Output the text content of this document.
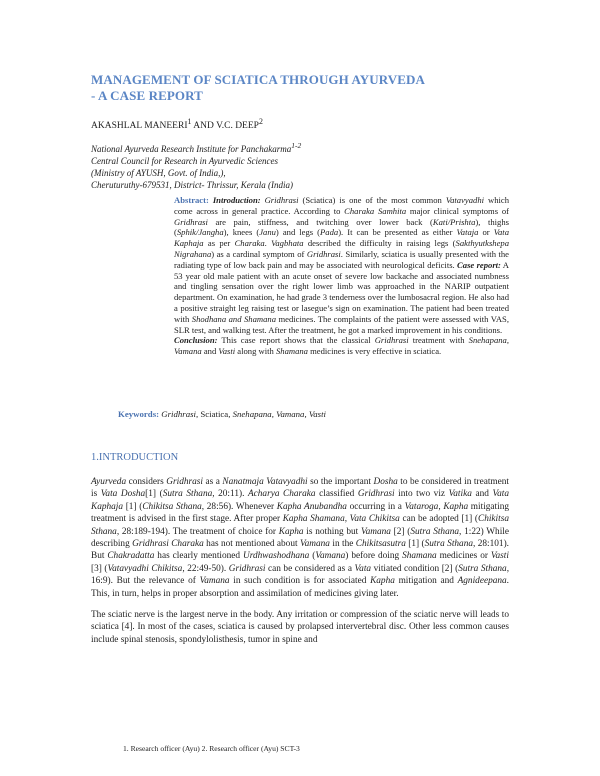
MANAGEMENT OF SCIATICA THROUGH AYURVEDA
- A CASE REPORT
AKASHLAL MANEERI$^1$ AND V.C. DEEP$^2$
National Ayurveda Research Institute for Panchakarma$^{1-2}$
Central Council for Research in Ayurvedic Sciences
(Ministry of AYUSH, Govt. of India,),
Cheruturuthy-679531, District- Thrissur, Kerala (India)

Abstract: Introduction: Gridhrasi (Sciatica) is one of the most common Vatavyadhi which come across in general practice. According to Charaka Samhita major clinical symptoms of Gridhrasi are pain, stiffness, and twitching over lower back (Kati/Prishta), thighs (Sphik/Jangha), knees (Janu) and legs (Pada). It can be presented as either Vataja or Vata Kaphaja as per Charaka. Vagbhata described the difficulty in raising legs (Sakthyutkshepa Nigrahana) as a cardinal symptom of Gridhrasi. Similarly, sciatica is usually presented with the radiating type of low back pain and may be associated with neurological deficits. Case report: A 53 year old male patient with an acute onset of severe low backache and associated numbness and tingling sensation over the right lower limb was approached in the NARIP outpatient department. On examination, he had grade 3 tenderness over the lumbosacral region. He also had a positive straight leg raising test or lasegue’s sign on examination. The patient had been treated with Shodhana and Shamana medicines. The complaints of the patient were assessed with VAS, SLR test, and walking test. After the treatment, he got a marked improvement in his conditions.

Conclusion: This case report shows that the classical Gridhrasi treatment with Snehapana, Vamana and Vasti along with Shamana medicines is very effective in sciatica.

Keywords: Gridhrasi, Sciatica, Snehapana, Vamana, Vasti
1.INTRODUCTION

Ayurveda considers Gridhrasi as a Nanatmaja Vatavyadhi so the important Dosha to be considered in treatment is Vata Dosha[1] (Sutra Sthana, 20:11). Acharya Charaka classified Gridhrasi into two viz Vatika and Vata Kaphaja [1] (Chikitsa Sthana, 28:56). Whenever Kapha Anubandha occurring in a Vataroga, Kapha mitigating treatment is advised in the first stage. After proper Kapha Shamana, Vata Chikitsa can be adopted [1] (Chikitsa Sthana, 28:189-194). The treatment of choice for Kapha is nothing but Vamana [2] (Sutra Sthana, 1:22) While describing Gridhrasi Charaka has not mentioned about Vamana in the Chikitsasutra [1] (Sutra Sthana, 28:101). But Chakradatta has clearly mentioned Urdhwashodhana (Vamana) before doing Shamana medicines or Vasti [3] (Vatavyadhi Chikitsa, 22:49-50). Gridhrasi can be considered as a Vata vitiated condition [2] (Sutra Sthana, 16:9). But the relevance of Vamana in such condition is for associated Kapha mitigation and Agnideepana. This, in turn, helps in proper absorption and assimilation of medicines giving later.

The sciatic nerve is the largest nerve in the body. Any irritation or compression of the sciatic nerve will leads to sciatica [4]. In most of the cases, sciatica is caused by prolapsed intervertebral disc. Other less common causes include spinal stenosis, spondylolisthesis, tumor in spine and

1. Research officer (Ayu) 2. Research officer (Ayu) SCT-3
